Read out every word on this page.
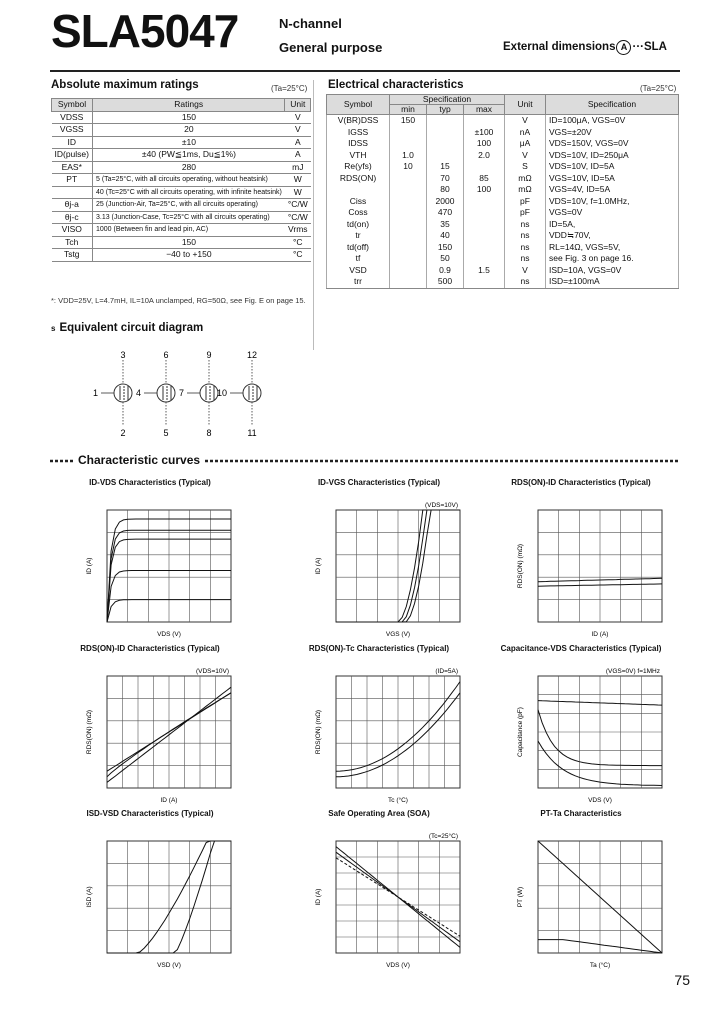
SLA5047	N-channel
General purpose	External dimensions A ···SLA
Absolute maximum ratings	(Ta=25°C)
Symbol	Ratings	Unit
VDSS	150	V
VGSS	20	V
ID	±10	A
ID(pulse)	±40 (PW≦1ms, Du≦1%)	A
EAS*	280	mJ
PT	5 (Ta=25°C, with all circuits operating, without heatsink)	W
	40 (Tc=25°C with all circuits operating, with infinite heatsink)	W
θj-a	25 (Junction-Air, Ta=25°C, with all circuits operating)	°C/W
θj-c	3.13 (Junction-Case, Tc=25°C with all circuits operating)	°C/W
VISO	1000 (Between fin and lead pin, AC)	Vrms
Tch	150	°C
Tstg	−40 to +150	°C
*: VDD=25V, L=4.7mH, IL=10A unclamped, RG=50Ω, see Fig. E on page 15.
Electrical characteristics	(Ta=25°C)
Symbol	Specification			Unit	Specification
	min	typ	max		
V(BR)DSS	150			V	ID=100μA, VGS=0V
IGSS			±100	nA	VGS=±20V
IDSS			100	μA	VDS=150V, VGS=0V
VTH	1.0		2.0	V	VDS=10V, ID=250μA
Re(yfs)	10	15		S	VDS=10V, ID=5A
RDS(ON)		70	85	mΩ	VGS=10V, ID=5A
		80	100	mΩ	VGS=4V, ID=5A
Ciss		2000		pF	VDS=10V, f=1.0MHz,
Coss		470		pF	VGS=0V
td(on)		35		ns	ID=5A,
tr		40		ns	VDD≒70V,
td(off)		150		ns	RL=14Ω, VGS=5V,
tf		50		ns	see Fig. 3 on page 16.
VSD		0.9	1.5	V	ISD=10A, VGS=0V
trr		500		ns	ISD=±100mA
s Equivalent circuit diagram
3
1
2
6
4
5
9
7
8
12
10
11
Characteristic curves
ID-VDS Characteristics (Typical)
VDS (V)
ID (A)
ID-VGS Characteristics (Typical)
VGS (V)
ID (A)
(VDS=10V)
RDS(ON)-ID Characteristics (Typical)
ID (A)
RDS(ON) (mΩ)
RDS(ON)-ID Characteristics (Typical)
ID (A)
RDS(ON) (mΩ)
(VDS=10V)
RDS(ON)-Tc Characteristics (Typical)
Tc (°C)
RDS(ON) (mΩ)
(ID=5A)
Capacitance-VDS Characteristics (Typical)
VDS (V)
Capacitance (pF)
(VGS=0V) f=1MHz
ISD-VSD Characteristics (Typical)
VSD (V)
ISD (A)
Safe Operating Area (SOA)
VDS (V)
ID (A)
(Tc=25°C)
PT-Ta Characteristics
Ta (°C)
PT (W)
75
